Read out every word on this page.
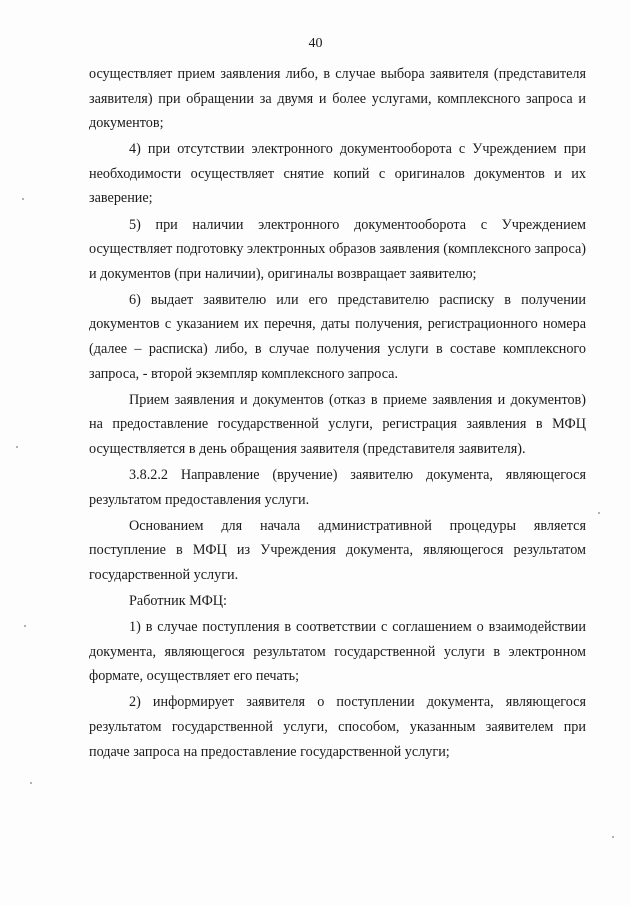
40

осуществляет прием заявления либо, в случае выбора заявителя (представителя заявителя) при обращении за двумя и более услугами, комплексного запроса и документов;

4) при отсутствии электронного документооборота с Учреждением при необходимости осуществляет снятие копий с оригиналов документов и их заверение;

5) при наличии электронного документооборота с Учреждением осуществляет подготовку электронных образов заявления (комплексного запроса) и документов (при наличии), оригиналы возвращает заявителю;

6) выдает заявителю или его представителю расписку в получении документов с указанием их перечня, даты получения, регистрационного номера (далее – расписка) либо, в случае получения услуги в составе комплексного запроса, - второй экземпляр комплексного запроса.

Прием заявления и документов (отказ в приеме заявления и документов) на предоставление государственной услуги, регистрация заявления в МФЦ осуществляется в день обращения заявителя (представителя заявителя).

3.8.2.2 Направление (вручение) заявителю документа, являющегося результатом предоставления услуги.

Основанием для начала административной процедуры является поступление в МФЦ из Учреждения документа, являющегося результатом государственной услуги.

Работник МФЦ:

1) в случае поступления в соответствии с соглашением о взаимодействии документа, являющегося результатом государственной услуги в электронном формате, осуществляет его печать;

2) информирует заявителя о поступлении документа, являющегося результатом государственной услуги, способом, указанным заявителем при подаче запроса на предоставление государственной услуги;
